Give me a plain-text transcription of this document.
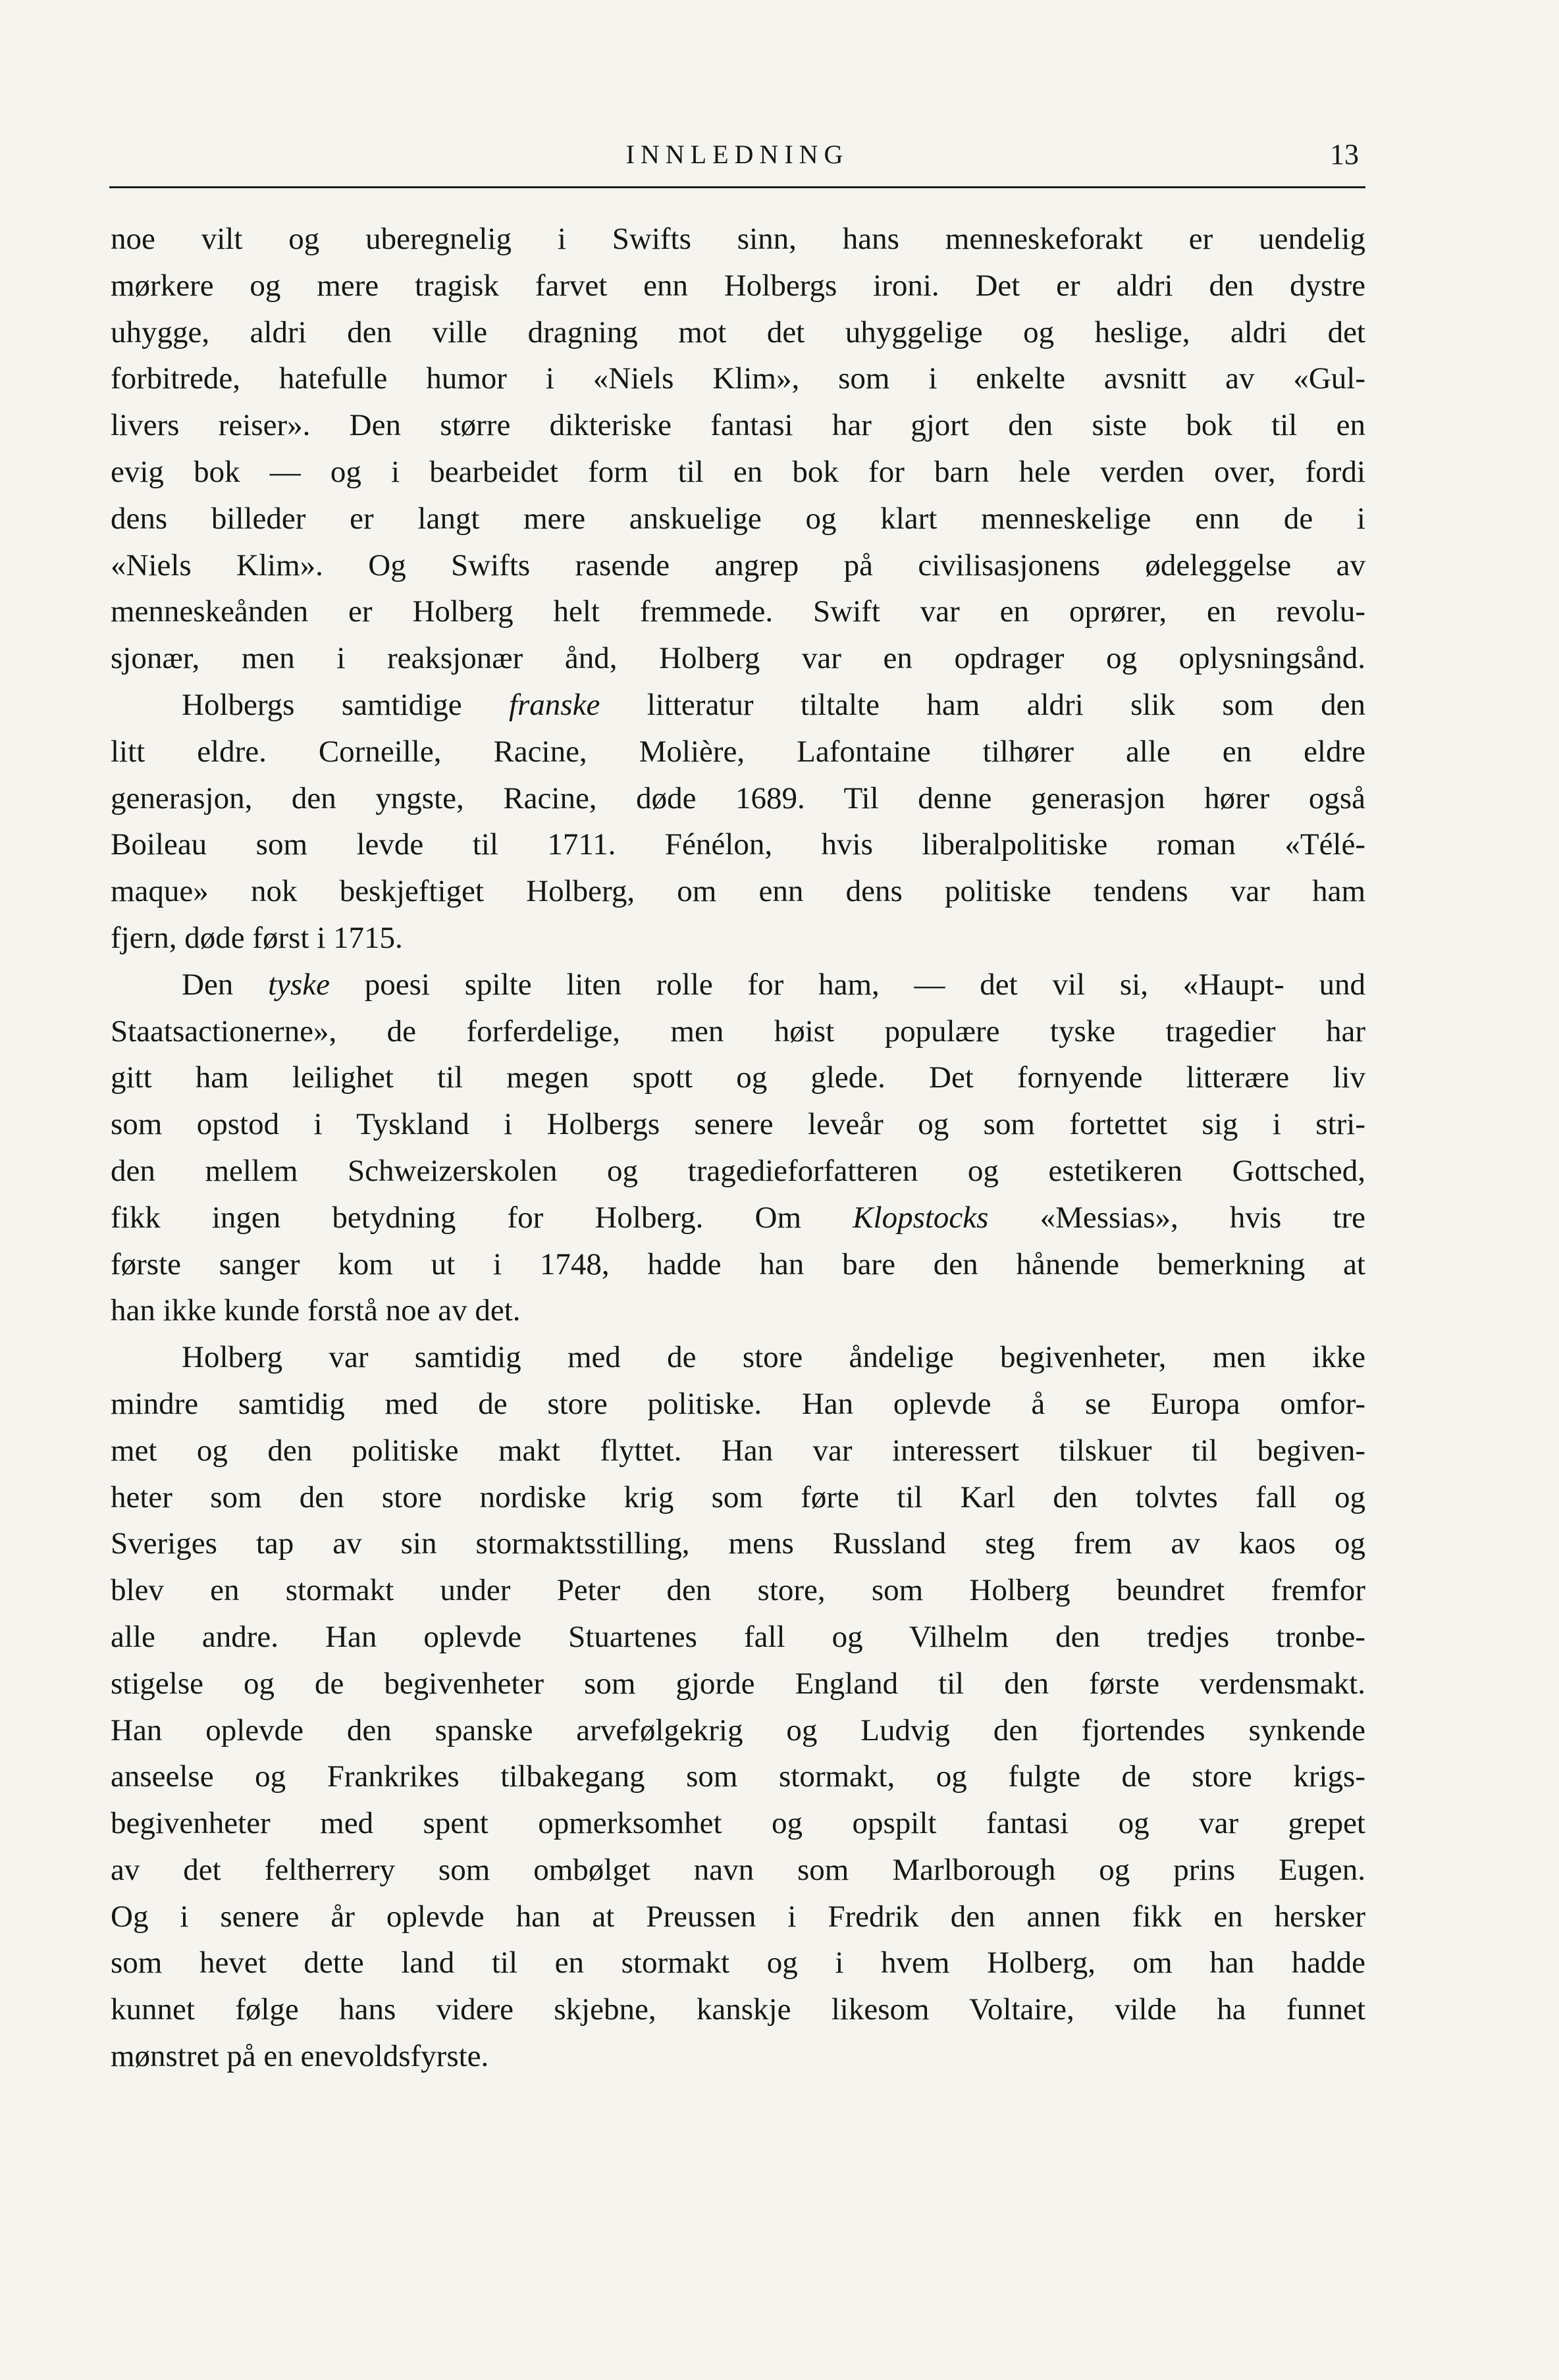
INNLEDNING	13
noe vilt og uberegnelig i Swifts sinn, hans menneskeforakt er uendelig
mørkere og mere tragisk farvet enn Holbergs ironi. Det er aldri den dystre
uhygge, aldri den ville dragning mot det uhyggelige og heslige, aldri det
forbitrede, hatefulle humor i «Niels Klim», som i enkelte avsnitt av «Gul-
livers reiser». Den større dikteriske fantasi har gjort den siste bok til en
evig bok — og i bearbeidet form til en bok for barn hele verden over, fordi
dens billeder er langt mere anskuelige og klart menneskelige enn de i
«Niels Klim». Og Swifts rasende angrep på civilisasjonens ødeleggelse av
menneskeånden er Holberg helt fremmede. Swift var en oprører, en revolu-
sjonær, men i reaksjonær ånd, Holberg var en opdrager og oplysningsånd.
Holbergs samtidige franske litteratur tiltalte ham aldri slik som den
litt eldre. Corneille, Racine, Molière, Lafontaine tilhører alle en eldre
generasjon, den yngste, Racine, døde 1689. Til denne generasjon hører også
Boileau som levde til 1711. Fénélon, hvis liberalpolitiske roman «Télé-
maque» nok beskjeftiget Holberg, om enn dens politiske tendens var ham
fjern, døde først i 1715.
Den tyske poesi spilte liten rolle for ham, — det vil si, «Haupt- und
Staatsactionerne», de forferdelige, men høist populære tyske tragedier har
gitt ham leilighet til megen spott og glede. Det fornyende litterære liv
som opstod i Tyskland i Holbergs senere leveår og som fortettet sig i stri-
den mellem Schweizerskolen og tragedieforfatteren og estetikeren Gottsched,
fikk ingen betydning for Holberg. Om Klopstocks «Messias», hvis tre
første sanger kom ut i 1748, hadde han bare den hånende bemerkning at
han ikke kunde forstå noe av det.
Holberg var samtidig med de store åndelige begivenheter, men ikke
mindre samtidig med de store politiske. Han oplevde å se Europa omfor-
met og den politiske makt flyttet. Han var interessert tilskuer til begiven-
heter som den store nordiske krig som førte til Karl den tolvtes fall og
Sveriges tap av sin stormaktsstilling, mens Russland steg frem av kaos og
blev en stormakt under Peter den store, som Holberg beundret fremfor
alle andre. Han oplevde Stuartenes fall og Vilhelm den tredjes tronbe-
stigelse og de begivenheter som gjorde England til den første verdensmakt.
Han oplevde den spanske arvefølgekrig og Ludvig den fjortendes synkende
anseelse og Frankrikes tilbakegang som stormakt, og fulgte de store krigs-
begivenheter med spent opmerksomhet og opspilt fantasi og var grepet
av det feltherrery som ombølget navn som Marlborough og prins Eugen.
Og i senere år oplevde han at Preussen i Fredrik den annen fikk en hersker
som hevet dette land til en stormakt og i hvem Holberg, om han hadde
kunnet følge hans videre skjebne, kanskje likesom Voltaire, vilde ha funnet
mønstret på en enevoldsfyrste.
